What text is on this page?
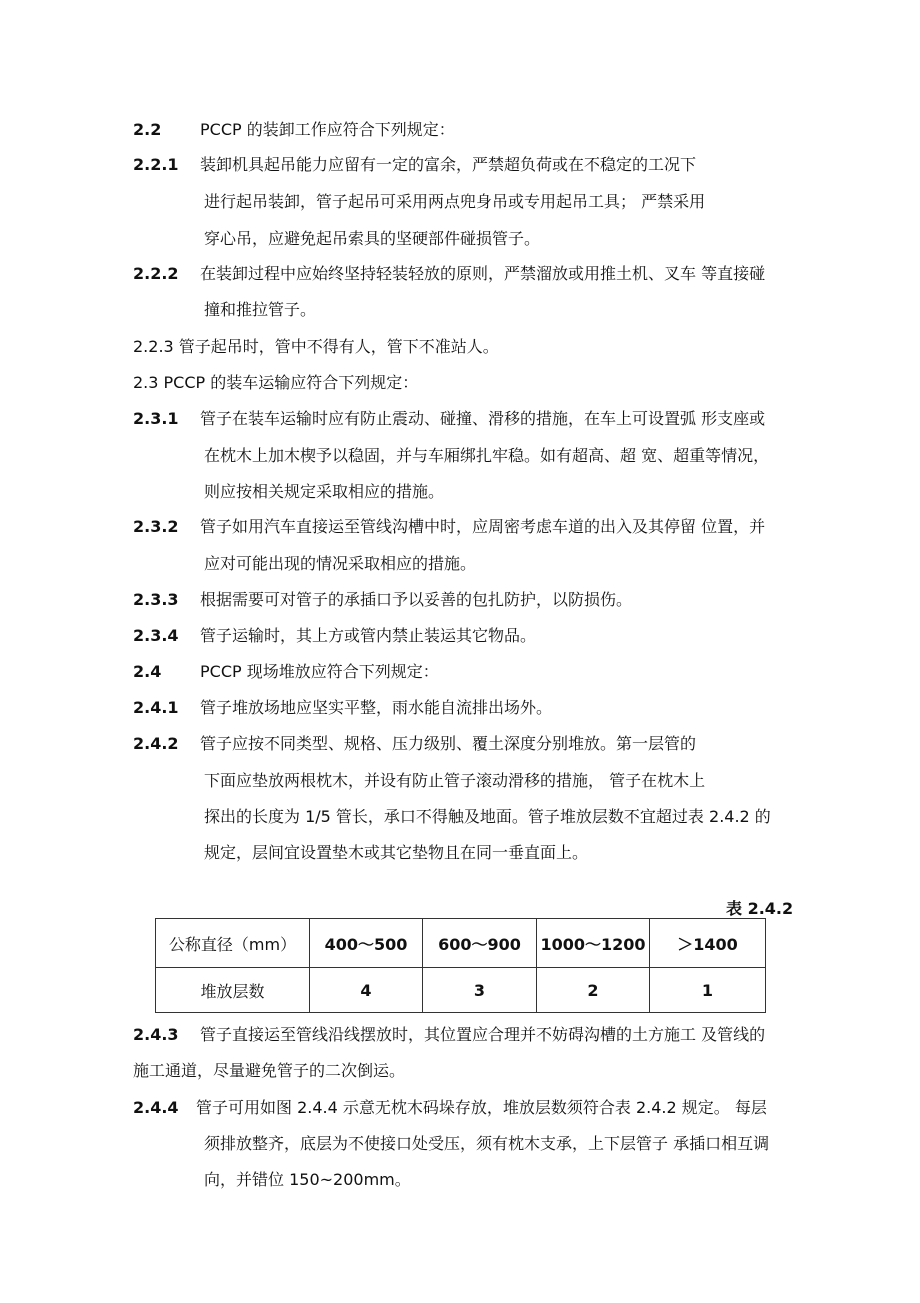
2.2 PCCP 的装卸工作应符合下列规定：
2.2.1 装卸机具起吊能力应留有一定的富余，严禁超负荷或在不稳定的工况下
进行起吊装卸，管子起吊可采用两点兜身吊或专用起吊工具； 严禁采用
穿心吊，应避免起吊索具的坚硬部件碰损管子。
2.2.2 在装卸过程中应始终坚持轻装轻放的原则，严禁溜放或用推土机、叉车 等直接碰
撞和推拉管子。
2.2.3 管子起吊时，管中不得有人，管下不准站人。
2.3 PCCP 的装车运输应符合下列规定：
2.3.1 管子在装车运输时应有防止震动、碰撞、滑移的措施，在车上可设置弧 形支座或
在枕木上加木楔予以稳固，并与车厢绑扎牢稳。如有超高、超 宽、超重等情况，
则应按相关规定采取相应的措施。
2.3.2 管子如用汽车直接运至管线沟槽中时，应周密考虑车道的出入及其停留 位置，并
应对可能出现的情况采取相应的措施。
2.3.3 根据需要可对管子的承插口予以妥善的包扎防护，以防损伤。
2.3.4 管子运输时，其上方或管内禁止装运其它物品。
2.4 PCCP 现场堆放应符合下列规定：
2.4.1 管子堆放场地应坚实平整，雨水能自流排出场外。
2.4.2 管子应按不同类型、规格、压力级别、覆土深度分别堆放。第一层管的
下面应垫放两根枕木，并设有防止管子滚动滑移的措施， 管子在枕木上
探出的长度为 1/5 管长，承口不得触及地面。管子堆放层数不宜超过表 2.4.2 的
规定，层间宜设置垫木或其它垫物且在同一垂直面上。
表 2.4.2
公称直径（mm）	400～500	600～900	1000～1200	＞1400
堆放层数	4	3	2	1
2.4.3 管子直接运至管线沿线摆放时，其位置应合理并不妨碍沟槽的土方施工 及管线的
施工通道，尽量避免管子的二次倒运。
2.4.4 管子可用如图 2.4.4 示意无枕木码垛存放，堆放层数须符合表 2.4.2 规定。 每层
须排放整齐，底层为不使接口处受压，须有枕木支承，上下层管子 承插口相互调
向，并错位 150~200mm。
